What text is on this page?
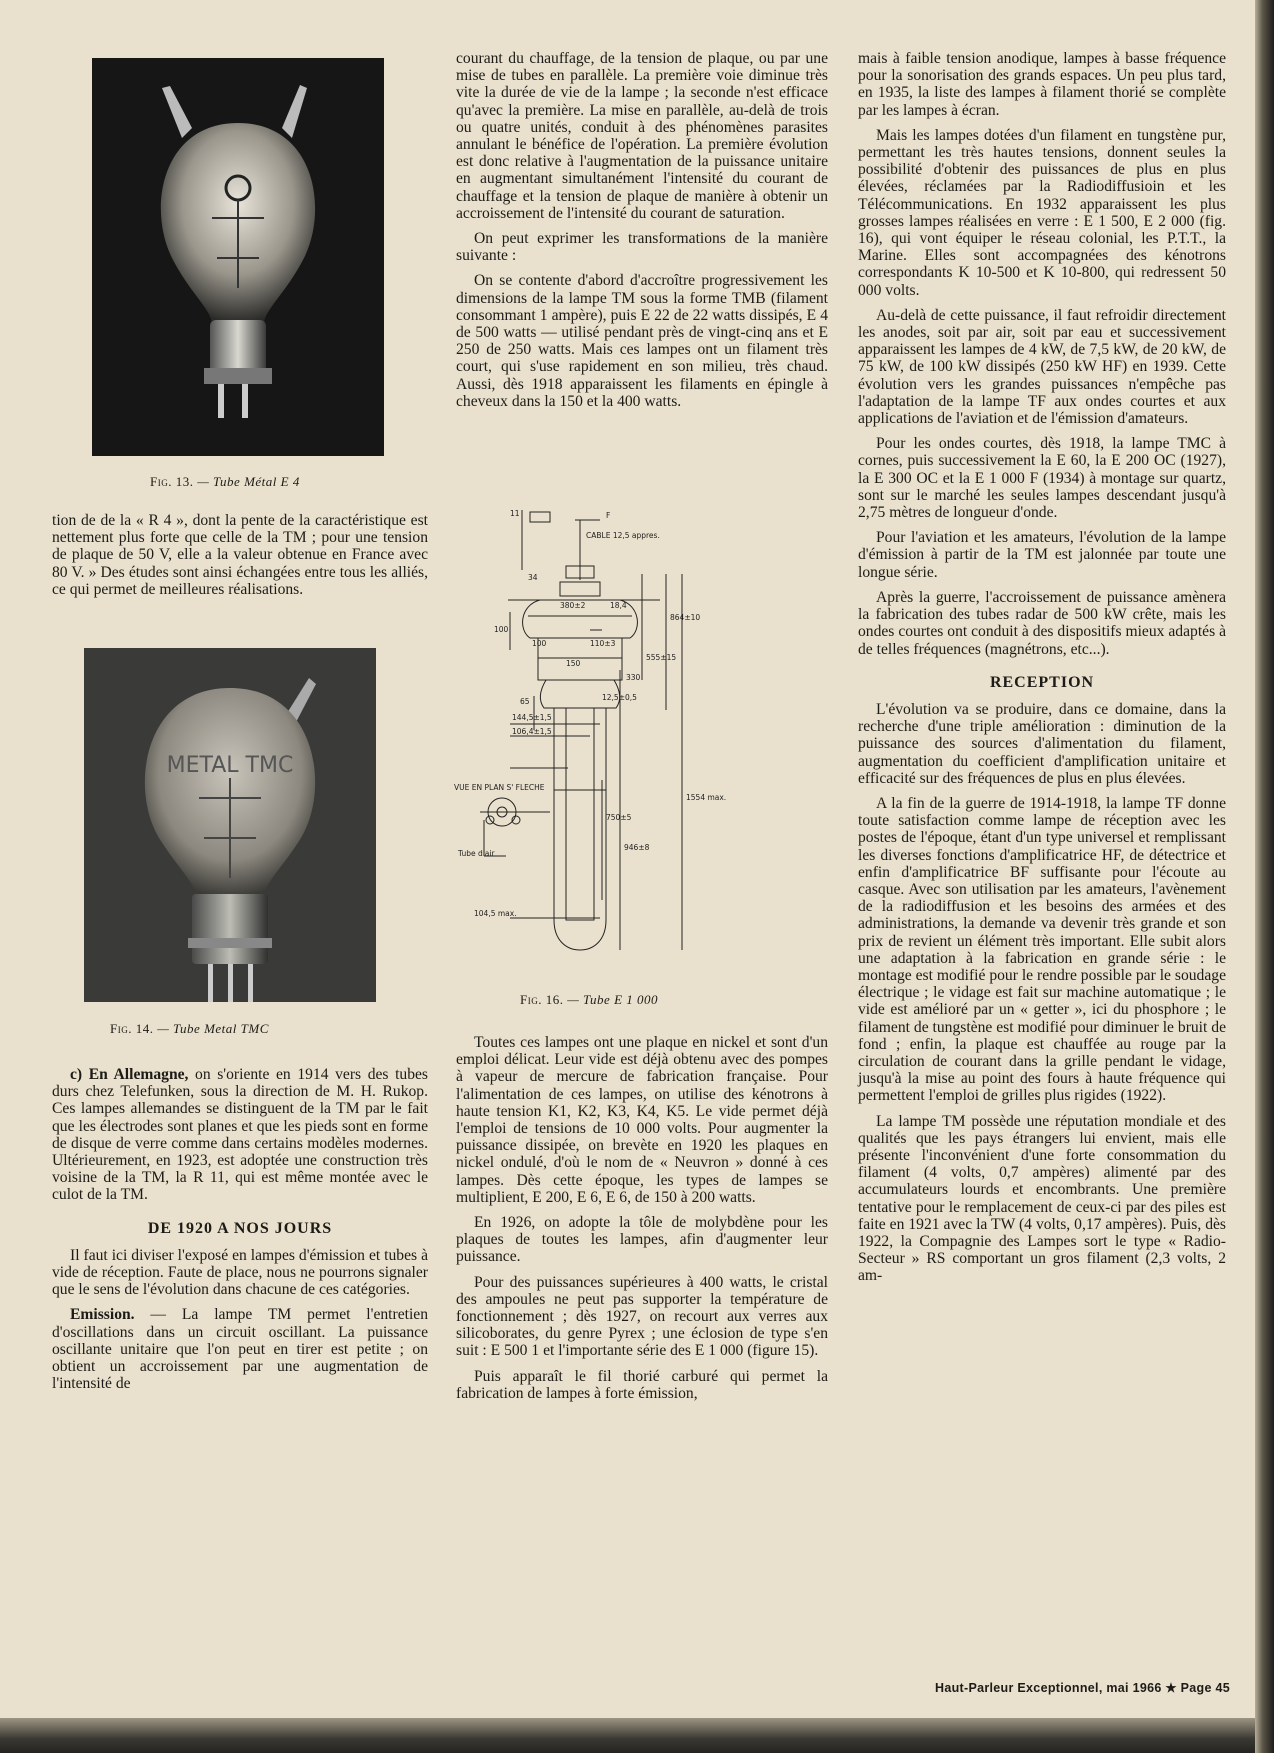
Fig. 13. — Tube Métal E 4

tion de de la « R 4 », dont la pente de la caractéristique est nettement plus forte que celle de la TM ; pour une tension de plaque de 50 V, elle a la valeur obtenue en France avec 80 V. » Des études sont ainsi échangées entre tous les alliés, ce qui permet de meilleures réalisations.

METAL TMC
Fig. 14. — Tube Metal TMC

c) En Allemagne, on s'oriente en 1914 vers des tubes durs chez Telefunken, sous la direction de M. H. Rukop. Ces lampes allemandes se distinguent de la TM par le fait que les électrodes sont planes et que les pieds sont en forme de disque de verre comme dans certains modèles modernes. Ultérieurement, en 1923, est adoptée une construction très voisine de la TM, la R 11, qui est même montée avec le culot de la TM.

DE 1920 A NOS JOURS

Il faut ici diviser l'exposé en lampes d'émission et tubes à vide de réception. Faute de place, nous ne pourrons signaler que le sens de l'évolution dans chacune de ces catégories.

Emission. — La lampe TM permet l'entretien d'oscillations dans un circuit oscillant. La puissance oscillante unitaire que l'on peut en tirer est petite ; on obtient un accroissement par une augmentation de l'intensité de

courant du chauffage, de la tension de plaque, ou par une mise de tubes en parallèle. La première voie diminue très vite la durée de vie de la lampe ; la seconde n'est efficace qu'avec la première. La mise en parallèle, au-delà de trois ou quatre unités, conduit à des phénomènes parasites annulant le bénéfice de l'opération. La première évolution est donc relative à l'augmentation de la puissance unitaire en augmentant simultanément l'intensité du courant de chauffage et la tension de plaque de manière à obtenir un accroissement de l'intensité du courant de saturation.

On peut exprimer les transformations de la manière suivante :

On se contente d'abord d'accroître progressivement les dimensions de la lampe TM sous la forme TMB (filament consommant 1 ampère), puis E 22 de 22 watts dissipés, E 4 de 500 watts — utilisé pendant près de vingt-cinq ans et E 250 de 250 watts. Mais ces lampes ont un filament très court, qui s'use rapidement en son milieu, très chaud. Aussi, dès 1918 apparaissent les filaments en épingle à cheveux dans la 150 et la 400 watts.

F
11
CABLE 12,5 appres.
34
380±2	18,4
864±10
100
100	110±3
555±15
150
330
65	12,5±0,5
144,5±1,5
106,4±1,5
1554 max.
VUE EN PLAN S' FLECHE
750±5
946±8
Tube d'air
104,5 max.
Fig. 16. — Tube E 1 000

Toutes ces lampes ont une plaque en nickel et sont d'un emploi délicat. Leur vide est déjà obtenu avec des pompes à vapeur de mercure de fabrication française. Pour l'alimentation de ces lampes, on utilise des kénotrons à haute tension K1, K2, K3, K4, K5. Le vide permet déjà l'emploi de tensions de 10 000 volts. Pour augmenter la puissance dissipée, on brevète en 1920 les plaques en nickel ondulé, d'où le nom de « Neuvron » donné à ces lampes. Dès cette époque, les types de lampes se multiplient, E 200, E 6, E 6, de 150 à 200 watts.

En 1926, on adopte la tôle de molybdène pour les plaques de toutes les lampes, afin d'augmenter leur puissance.

Pour des puissances supérieures à 400 watts, le cristal des ampoules ne peut pas supporter la température de fonctionnement ; dès 1927, on recourt aux verres aux silicoborates, du genre Pyrex ; une éclosion de type s'en suit : E 500 1 et l'importante série des E 1 000 (figure 15).

Puis apparaît le fil thorié carburé qui permet la fabrication de lampes à forte émission,

mais à faible tension anodique, lampes à basse fréquence pour la sonorisation des grands espaces. Un peu plus tard, en 1935, la liste des lampes à filament thorié se complète par les lampes à écran.

Mais les lampes dotées d'un filament en tungstène pur, permettant les très hautes tensions, donnent seules la possibilité d'obtenir des puissances de plus en plus élevées, réclamées par la Radiodiffusioin et les Télécommunications. En 1932 apparaissent les plus grosses lampes réalisées en verre : E 1 500, E 2 000 (fig. 16), qui vont équiper le réseau colonial, les P.T.T., la Marine. Elles sont accompagnées des kénotrons correspondants K 10-500 et K 10-800, qui redressent 50 000 volts.

Au-delà de cette puissance, il faut refroidir directement les anodes, soit par air, soit par eau et successivement apparaissent les lampes de 4 kW, de 7,5 kW, de 20 kW, de 75 kW, de 100 kW dissipés (250 kW HF) en 1939. Cette évolution vers les grandes puissances n'empêche pas l'adaptation de la lampe TF aux ondes courtes et aux applications de l'aviation et de l'émission d'amateurs.

Pour les ondes courtes, dès 1918, la lampe TMC à cornes, puis successivement la E 60, la E 200 OC (1927), la E 300 OC et la E 1 000 F (1934) à montage sur quartz, sont sur le marché les seules lampes descendant jusqu'à 2,75 mètres de longueur d'onde.

Pour l'aviation et les amateurs, l'évolution de la lampe d'émission à partir de la TM est jalonnée par toute une longue série.

Après la guerre, l'accroissement de puissance amènera la fabrication des tubes radar de 500 kW crête, mais les ondes courtes ont conduit à des dispositifs mieux adaptés à de telles fréquences (magnétrons, etc...).

RECEPTION

L'évolution va se produire, dans ce domaine, dans la recherche d'une triple amélioration : diminution de la puissance des sources d'alimentation du filament, augmentation du coefficient d'amplification unitaire et efficacité sur des fréquences de plus en plus élevées.

A la fin de la guerre de 1914-1918, la lampe TF donne toute satisfaction comme lampe de réception avec les postes de l'époque, étant d'un type universel et remplissant les diverses fonctions d'amplificatrice HF, de détectrice et enfin d'amplificatrice BF suffisante pour l'écoute au casque. Avec son utilisation par les amateurs, l'avènement de la radiodiffusion et les besoins des armées et des administrations, la demande va devenir très grande et son prix de revient un élément très important. Elle subit alors une adaptation à la fabrication en grande série : le montage est modifié pour le rendre possible par le soudage électrique ; le vidage est fait sur machine automatique ; le vide est amélioré par un « getter », ici du phosphore ; le filament de tungstène est modifié pour diminuer le bruit de fond ; enfin, la plaque est chauffée au rouge par la circulation de courant dans la grille pendant le vidage, jusqu'à la mise au point des fours à haute fréquence qui permettent l'emploi de grilles plus rigides (1922).

La lampe TM possède une réputation mondiale et des qualités que les pays étrangers lui envient, mais elle présente l'inconvénient d'une forte consommation du filament (4 volts, 0,7 ampères) alimenté par des accumulateurs lourds et encombrants. Une première tentative pour le remplacement de ceux-ci par des piles est faite en 1921 avec la TW (4 volts, 0,17 ampères). Puis, dès 1922, la Compagnie des Lampes sort le type « Radio-Secteur » RS comportant un gros filament (2,3 volts, 2 am-

Haut-Parleur Exceptionnel, mai 1966 ★ Page 45
